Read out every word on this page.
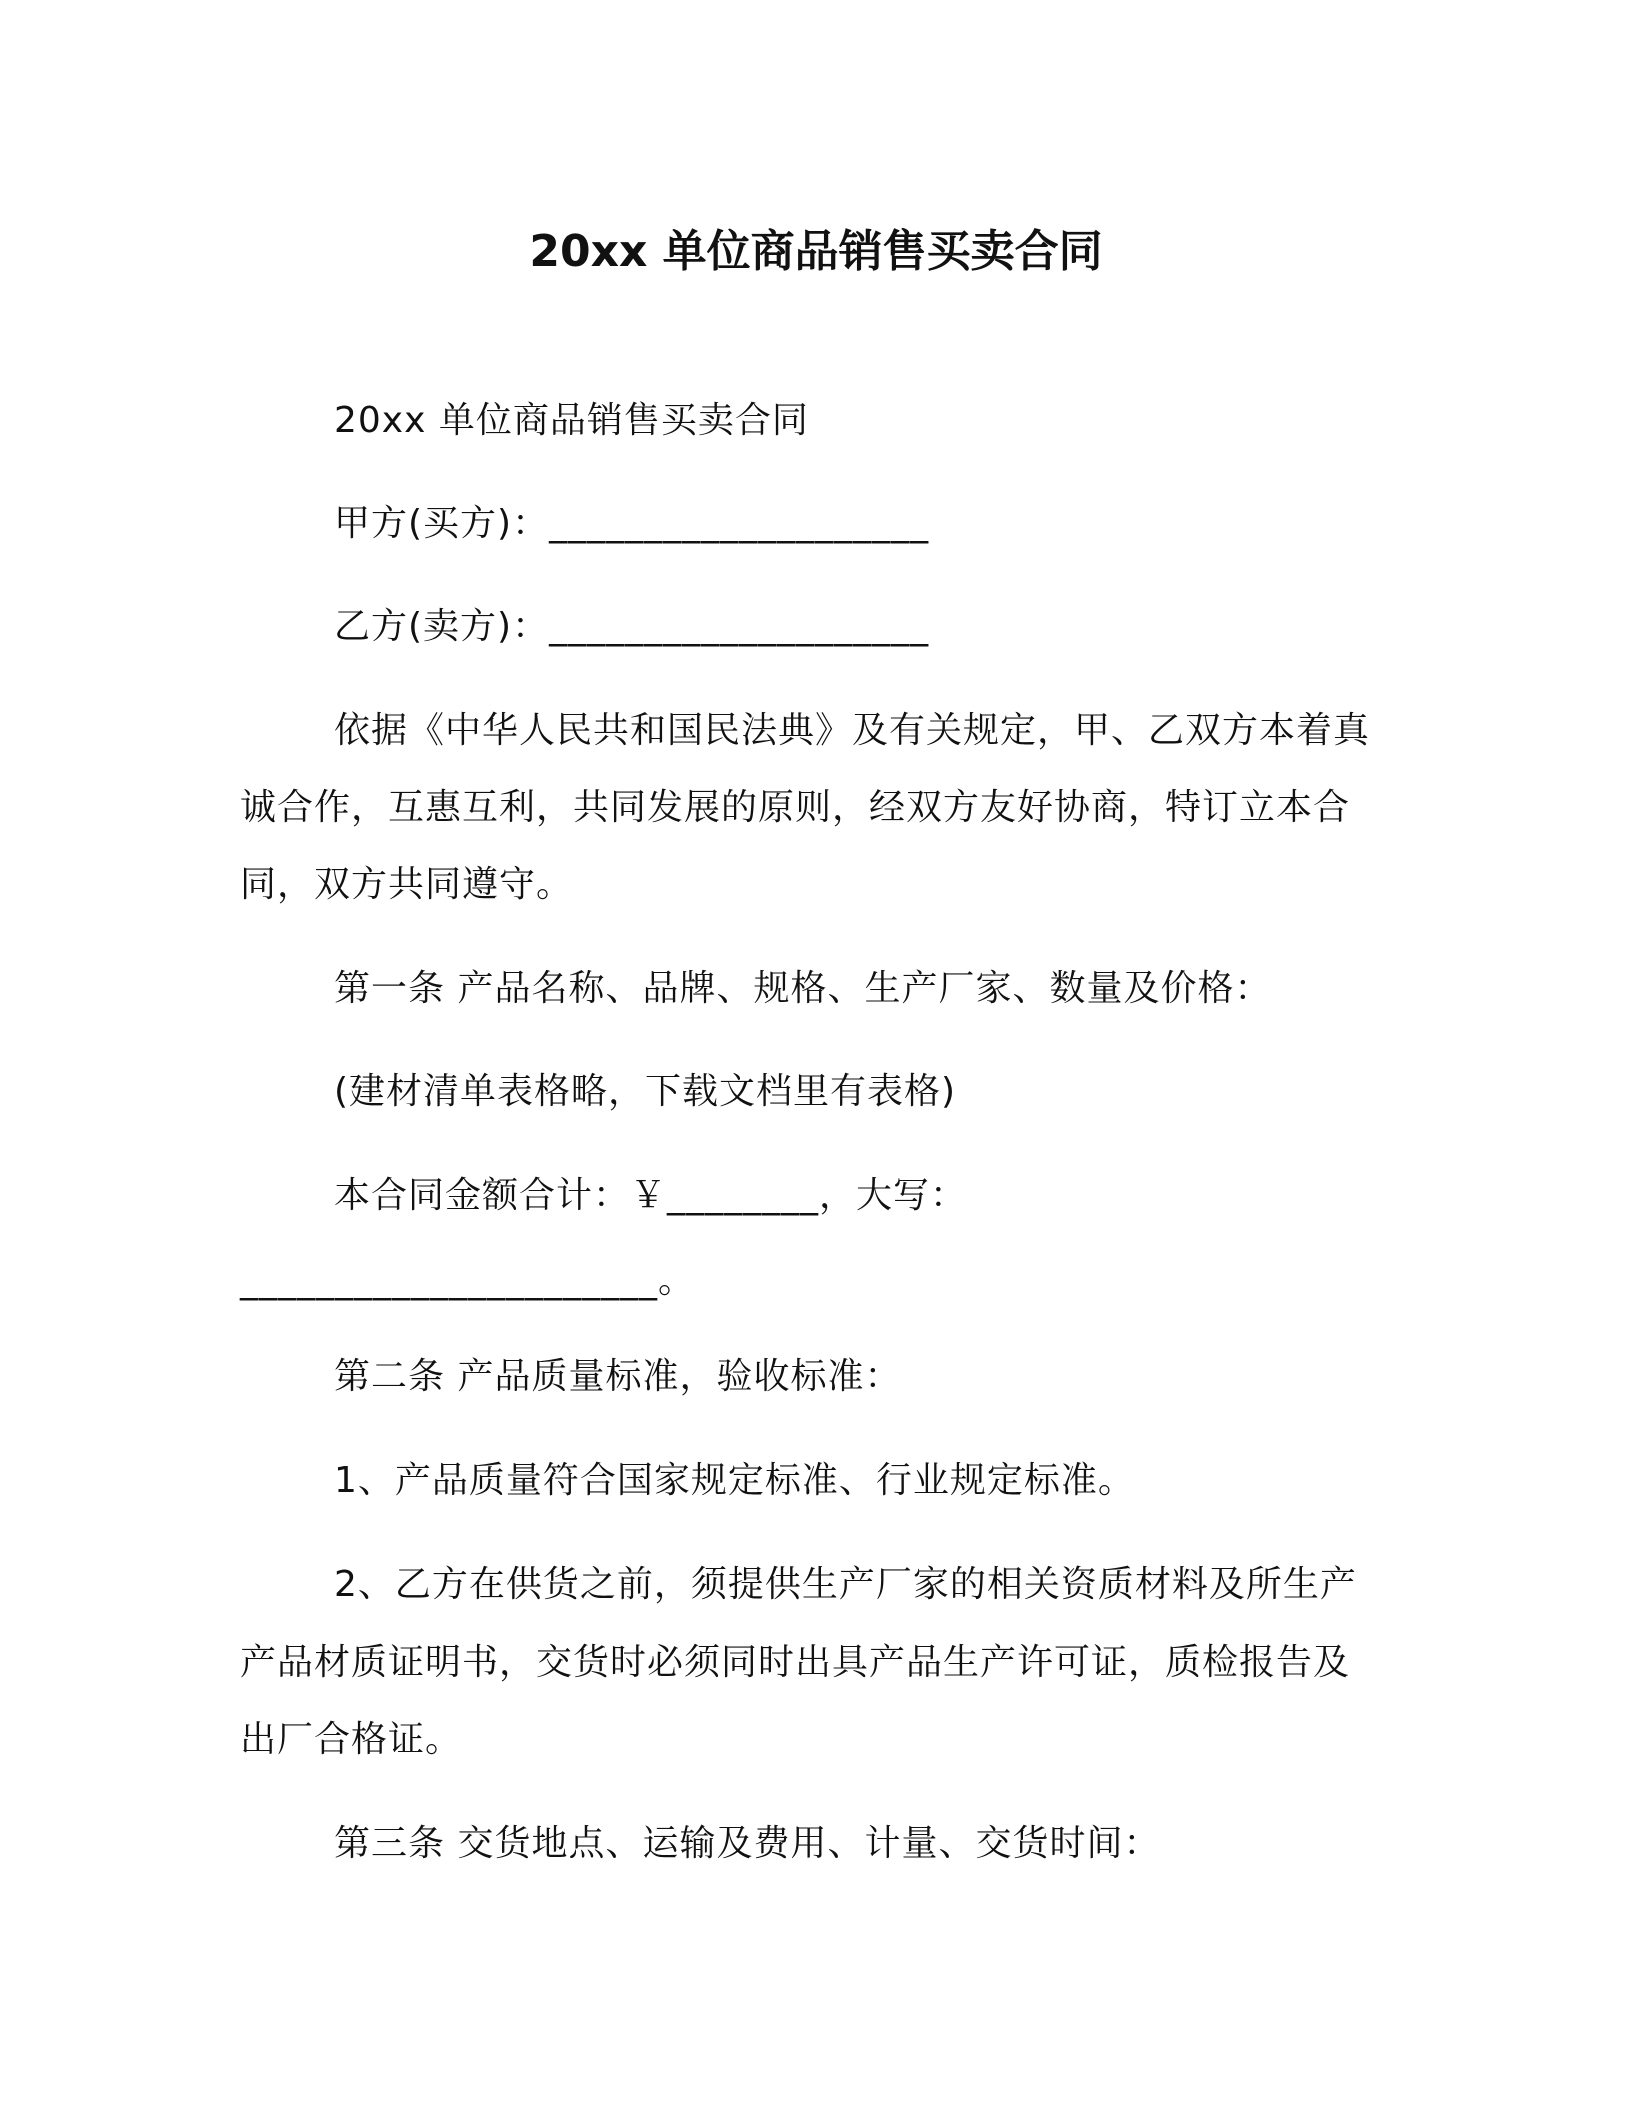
20xx 单位商品销售买卖合同
20xx 单位商品销售买卖合同
甲方(买方)：____________________
乙方(卖方)：____________________
依据《中华人民共和国民法典》及有关规定，甲、乙双方本着真
诚合作，互惠互利，共同发展的原则，经双方友好协商，特订立本合
同，双方共同遵守。
第一条 产品名称、品牌、规格、生产厂家、数量及价格：
(建材清单表格略，下载文档里有表格)
本合同金额合计：￥________，大写：
______________________。
第二条 产品质量标准，验收标准：
1、产品质量符合国家规定标准、行业规定标准。
2、乙方在供货之前，须提供生产厂家的相关资质材料及所生产
产品材质证明书，交货时必须同时出具产品生产许可证，质检报告及
出厂合格证。
第三条 交货地点、运输及费用、计量、交货时间：
